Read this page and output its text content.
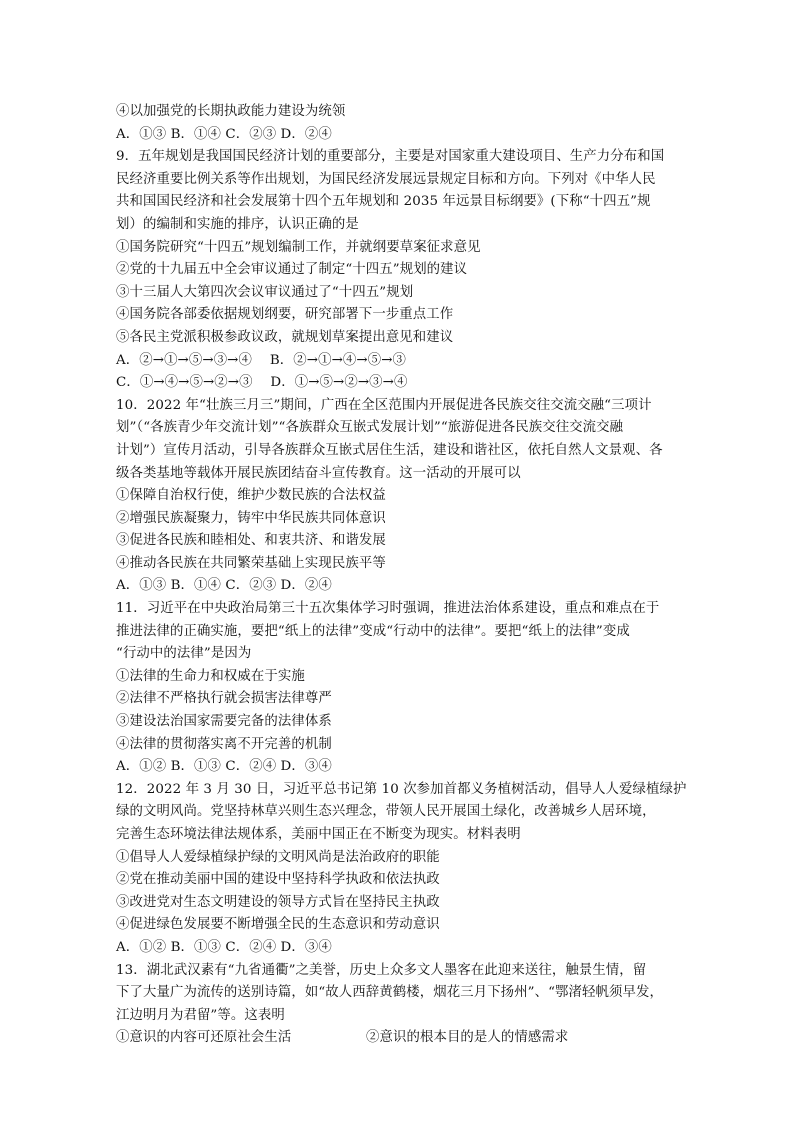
④以加强党的长期执政能力建设为统领
A．①③ B．①④ C．②③ D．②④
9．五年规划是我国国民经济计划的重要部分，主要是对国家重大建设项目、生产力分布和国
民经济重要比例关系等作出规划，为国民经济发展远景规定目标和方向。下列对《中华人民
共和国国民经济和社会发展第十四个五年规划和 2035 年远景目标纲要》(下称“十四五”规
划）的编制和实施的排序，认识正确的是
①国务院研究“十四五”规划编制工作，并就纲要草案征求意见
②党的十九届五中全会审议通过了制定“十四五”规划的建议
③十三届人大第四次会议审议通过了“十四五”规划
④国务院各部委依据规划纲要，研究部署下一步重点工作
⑤各民主党派积极参政议政，就规划草案提出意见和建议
A．②→①→⑤→③→④　 B．②→①→④→⑤→③
C．①→④→⑤→②→③　 D．①→⑤→②→③→④
10．2022 年“壮族三月三”期间，广西在全区范围内开展促进各民族交往交流交融“三项计
划”（“各族青少年交流计划”“各族群众互嵌式发展计划”“旅游促进各民族交往交流交融
计划”）宣传月活动，引导各族群众互嵌式居住生活，建设和谐社区，依托自然人文景观、各
级各类基地等载体开展民族团结奋斗宣传教育。这一活动的开展可以
①保障自治权行使，维护少数民族的合法权益
②增强民族凝聚力，铸牢中华民族共同体意识
③促进各民族和睦相处、和衷共济、和谐发展
④推动各民族在共同繁荣基础上实现民族平等
A．①③ B．①④ C．②③ D．②④
11．习近平在中央政治局第三十五次集体学习时强调，推进法治体系建设，重点和难点在于
推进法律的正确实施，要把“纸上的法律”变成“行动中的法律”。要把“纸上的法律”变成
“行动中的法律”是因为
①法律的生命力和权威在于实施
②法律不严格执行就会损害法律尊严
③建设法治国家需要完备的法律体系
④法律的贯彻落实离不开完善的机制
A．①② B．①③ C．②④ D．③④
12．2022 年 3 月 30 日，习近平总书记第 10 次参加首都义务植树活动，倡导人人爱绿植绿护
绿的文明风尚。党坚持林草兴则生态兴理念，带领人民开展国土绿化，改善城乡人居环境，
完善生态环境法律法规体系，美丽中国正在不断变为现实。材料表明
①倡导人人爱绿植绿护绿的文明风尚是法治政府的职能
②党在推动美丽中国的建设中坚持科学执政和依法执政
③改进党对生态文明建设的领导方式旨在坚持民主执政
④促进绿色发展要不断增强全民的生态意识和劳动意识
A．①② B．①③ C．②④ D．③④
13．湖北武汉素有“九省通衢”之美誉，历史上众多文人墨客在此迎来送往，触景生情，留
下了大量广为流传的送别诗篇，如“故人西辞黄鹤楼，烟花三月下扬州”、“鄂渚轻帆须早发，
江边明月为君留”等。这表明
①意识的内容可还原社会生活	②意识的根本目的是人的情感需求
